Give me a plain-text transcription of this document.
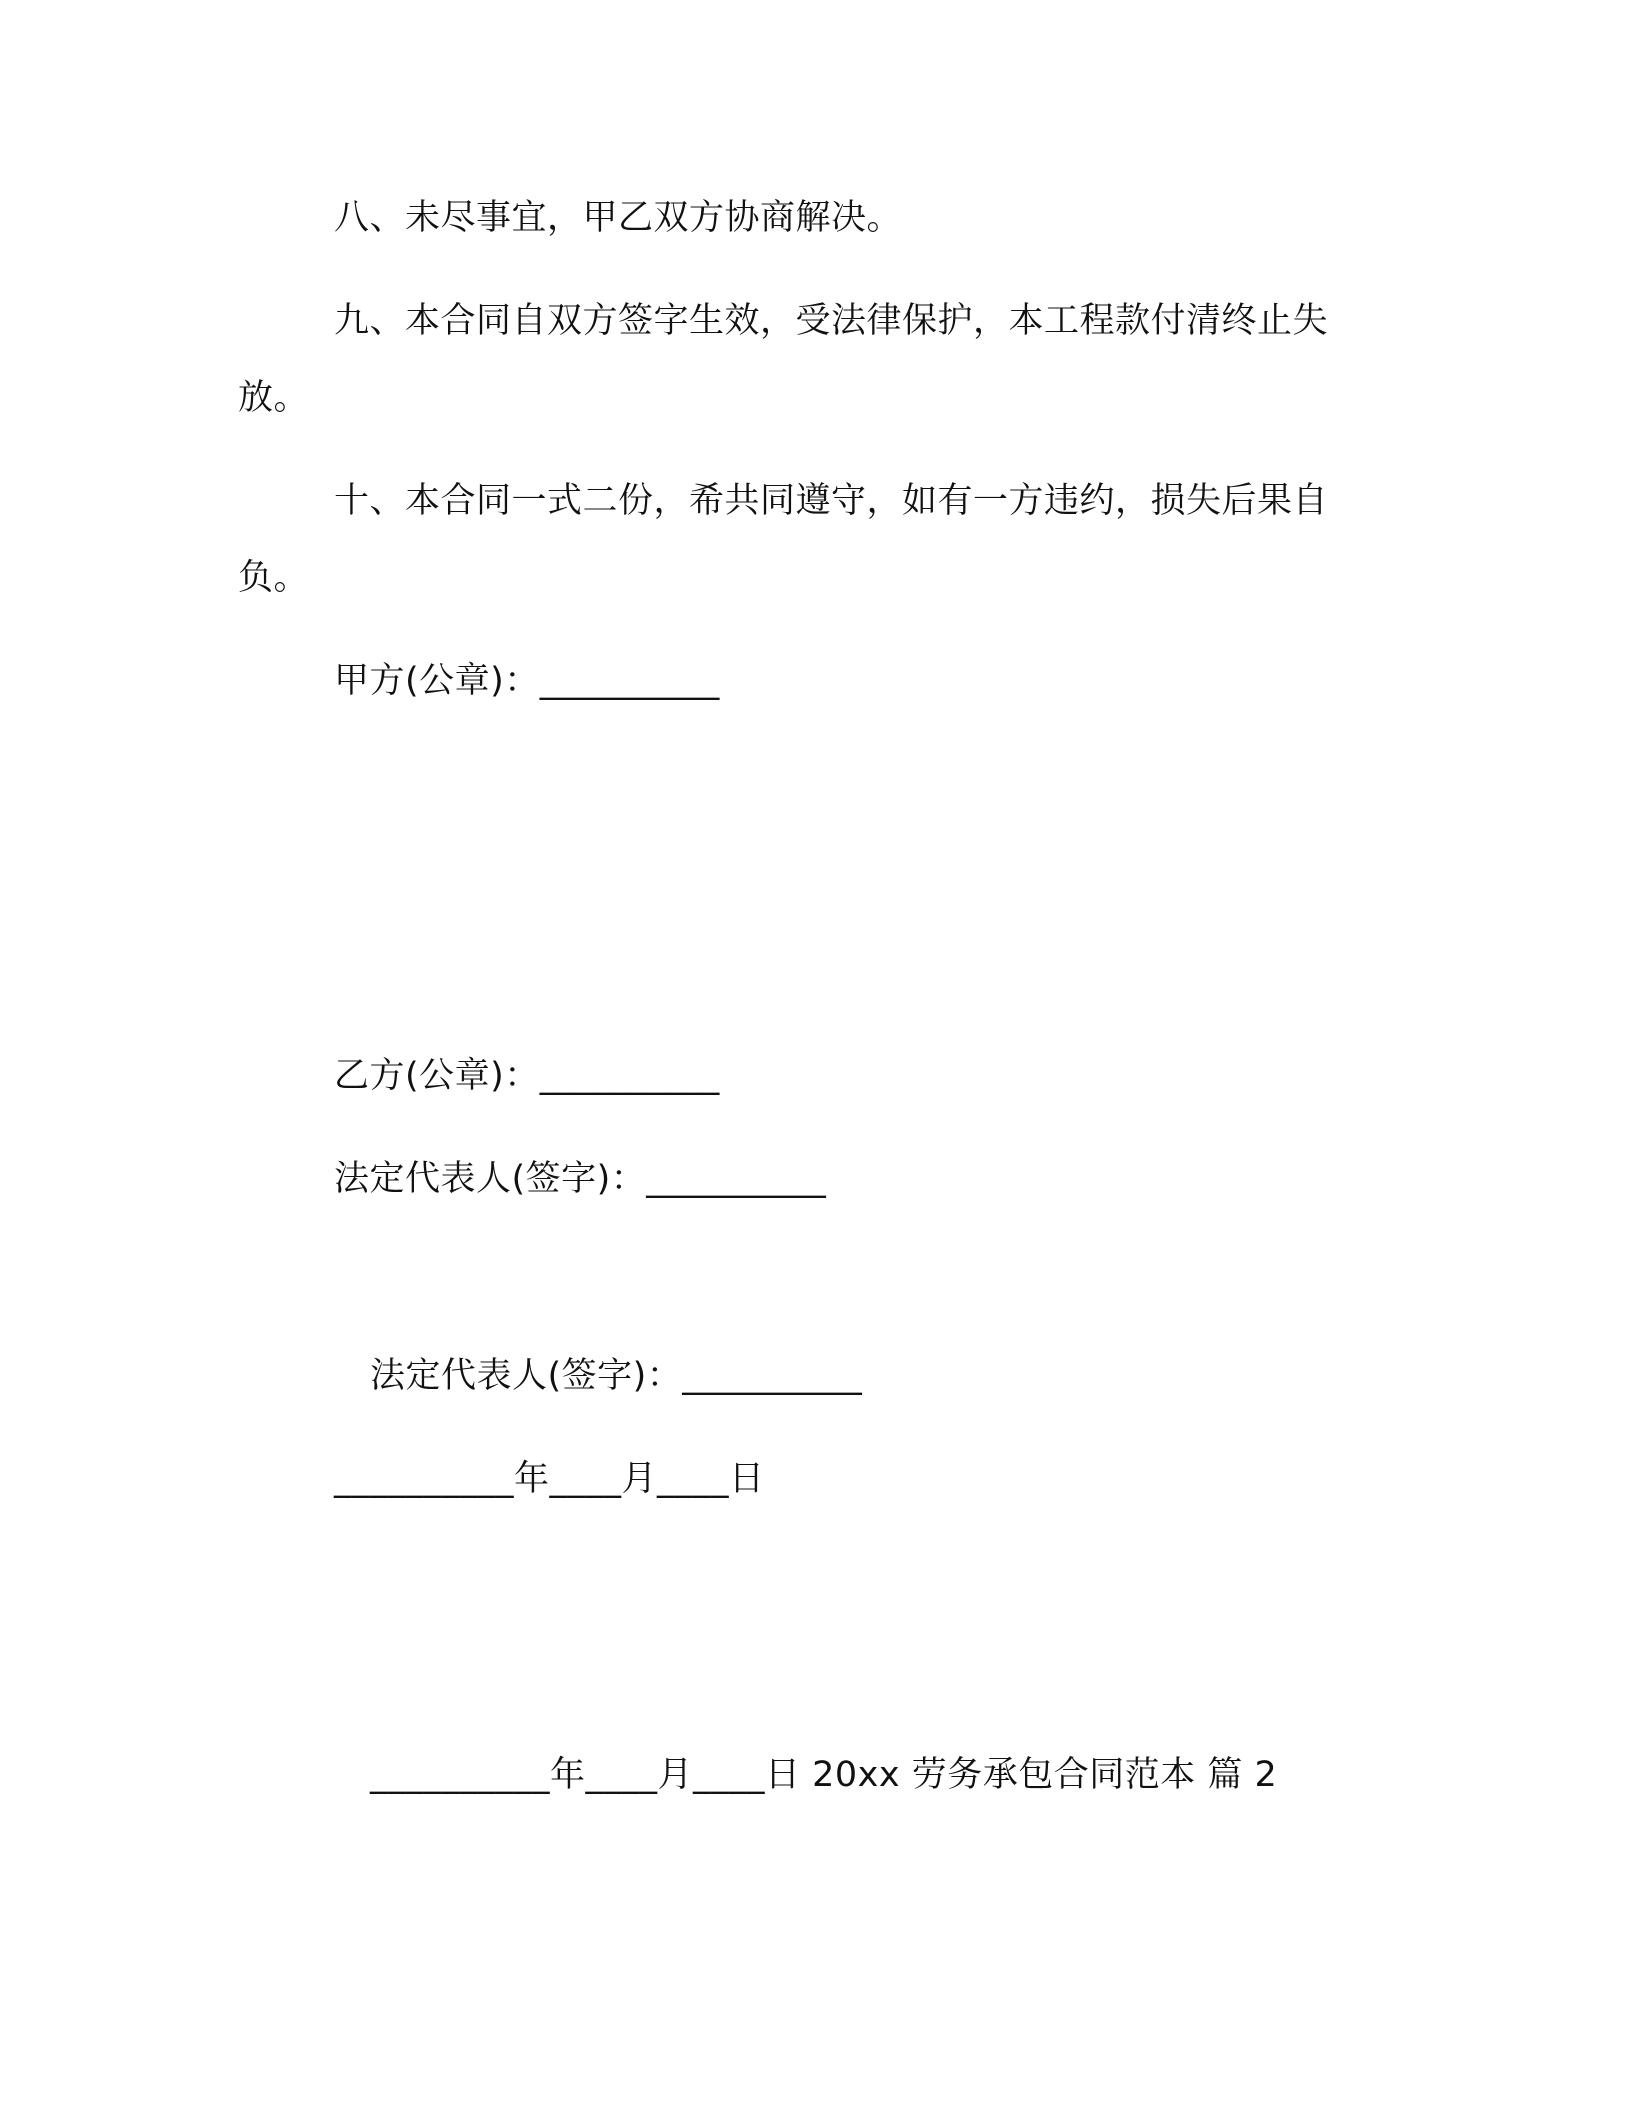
八、未尽事宜，甲乙双方协商解决。
九、本合同自双方签字生效，受法律保护，本工程款付清终止失
放。
十、本合同一式二份，希共同遵守，如有一方违约，损失后果自
负。
甲方(公章)：__________
乙方(公章)：__________
法定代表人(签字)：__________
法定代表人(签字)：__________
__________年____月____日
__________年____月____日 20xx 劳务承包合同范本 篇 2
